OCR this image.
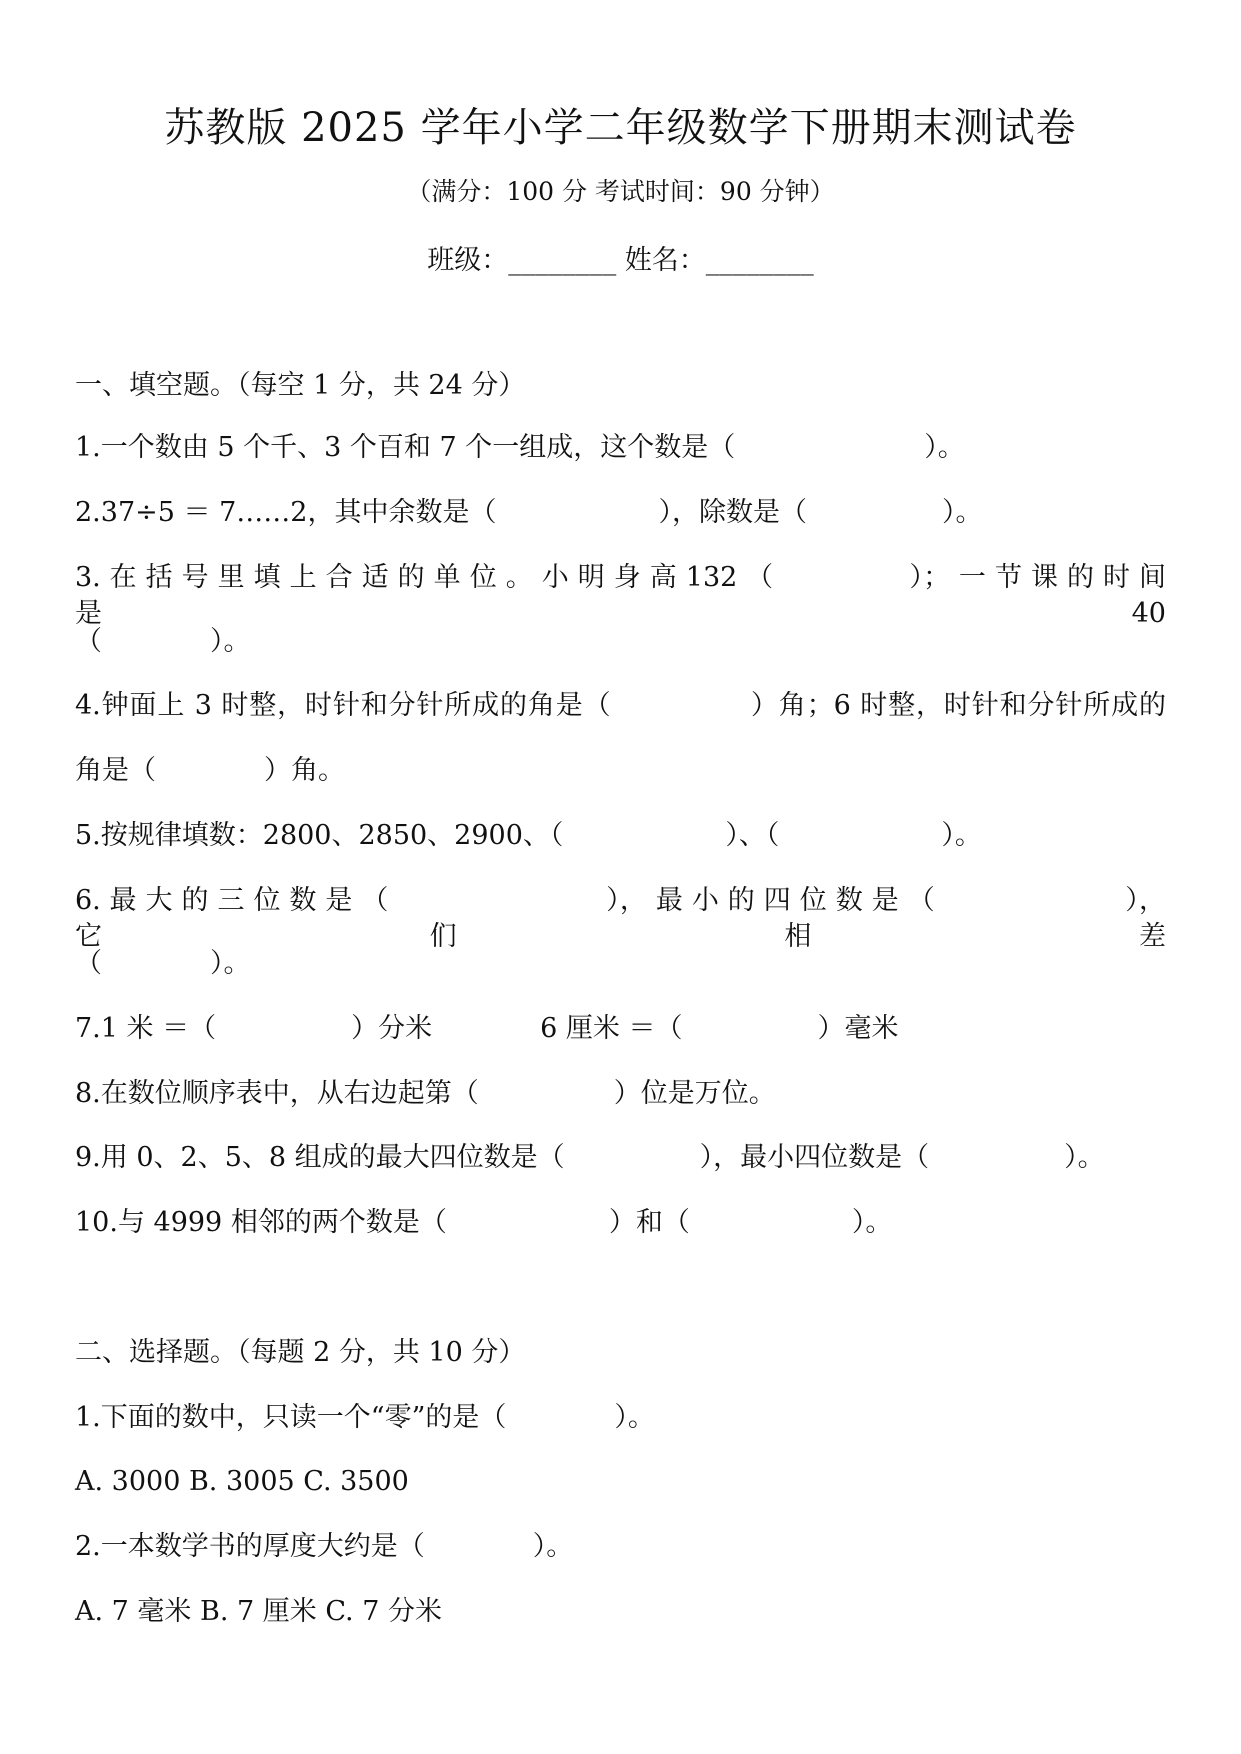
苏教版 2025 学年小学二年级数学下册期末测试卷
（满分：100 分 考试时间：90 分钟）
班级：________ 姓名：________
一、填空题。（每空 1 分，共 24 分）
1.一个数由 5 个千、3 个百和 7 个一组成，这个数是（　　　　　　　）。
2.37÷5 ＝ 7……2，其中余数是（　　　　　　），除数是（　　　　　）。
3. 在 括 号 里 填 上 合 适 的 单 位 。 小 明 身 高 132 （　　　　　）； 一 节 课 的 时 间 是 40
（　　　　）。
4.钟面上 3 时整，时针和分针所成的角是（　　　　　）角；6 时整，时针和分针所成的
角是（　　　　）角。
5.按规律填数：2800、2850、2900、（　　　　　　）、（　　　　　　）。
6. 最 大 的 三 位 数 是 （　　　　　　　　）， 最 小 的 四 位 数 是 （　　　　　　　）， 它 们 相 差
（　　　　）。
7.1 米 ＝（　　　　　）分米　　　　6 厘米 ＝（　　　　　）毫米
8.在数位顺序表中，从右边起第（　　　　　）位是万位。
9.用 0、2、5、8 组成的最大四位数是（　　　　　），最小四位数是（　　　　　）。
10.与 4999 相邻的两个数是（　　　　　　）和（　　　　　　）。
二、选择题。（每题 2 分，共 10 分）
1.下面的数中，只读一个“零”的是（　　　　）。
A. 3000 B. 3005 C. 3500
2.一本数学书的厚度大约是（　　　　）。
A. 7 毫米 B. 7 厘米 C. 7 分米
